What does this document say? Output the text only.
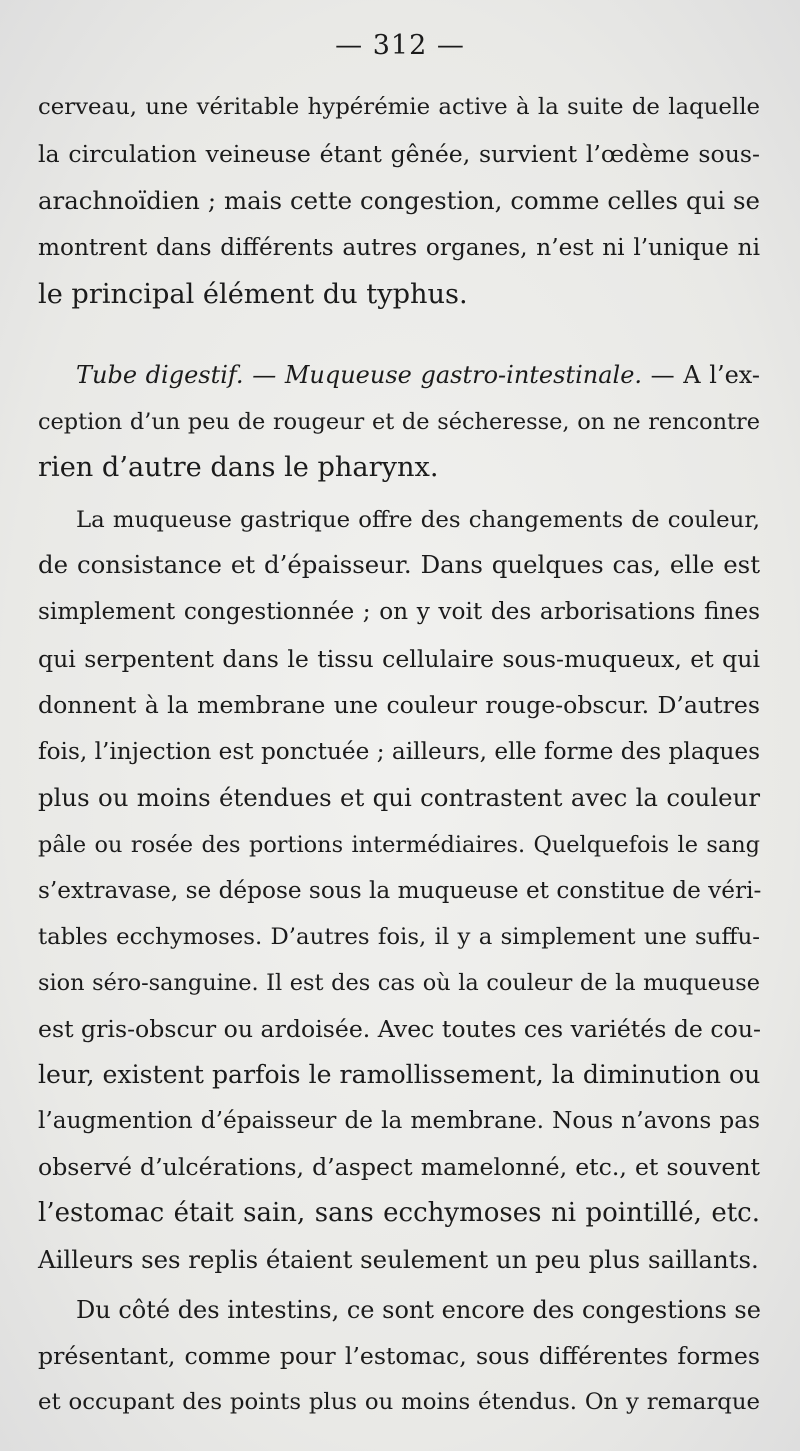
— 312 —
cerveau, une véritable hypérémie active à la suite de laquelle
la circulation veineuse étant gênée, survient l’œdème sous-
arachnoïdien ; mais cette congestion, comme celles qui se
montrent dans différents autres organes, n’est ni l’unique ni
le principal élément du typhus.
Tube digestif. — Muqueuse gastro-intestinale. — A l’ex-
ception d’un peu de rougeur et de sécheresse, on ne rencontre
rien d’autre dans le pharynx.
La muqueuse gastrique offre des changements de couleur,
de consistance et d’épaisseur. Dans quelques cas, elle est
simplement congestionnée ; on y voit des arborisations fines
qui serpentent dans le tissu cellulaire sous-muqueux, et qui
donnent à la membrane une couleur rouge-obscur. D’autres
fois, l’injection est ponctuée ; ailleurs, elle forme des plaques
plus ou moins étendues et qui contrastent avec la couleur
pâle ou rosée des portions intermédiaires. Quelquefois le sang
s’extravase, se dépose sous la muqueuse et constitue de véri-
tables ecchymoses. D’autres fois, il y a simplement une suffu-
sion séro-sanguine. Il est des cas où la couleur de la muqueuse
est gris-obscur ou ardoisée. Avec toutes ces variétés de cou-
leur, existent parfois le ramollissement, la diminution ou
l’augmention d’épaisseur de la membrane. Nous n’avons pas
observé d’ulcérations, d’aspect mamelonné, etc., et souvent
l’estomac était sain, sans ecchymoses ni pointillé, etc.
Ailleurs ses replis étaient seulement un peu plus saillants.
Du côté des intestins, ce sont encore des congestions se
présentant, comme pour l’estomac, sous différentes formes
et occupant des points plus ou moins étendus. On y remarque
